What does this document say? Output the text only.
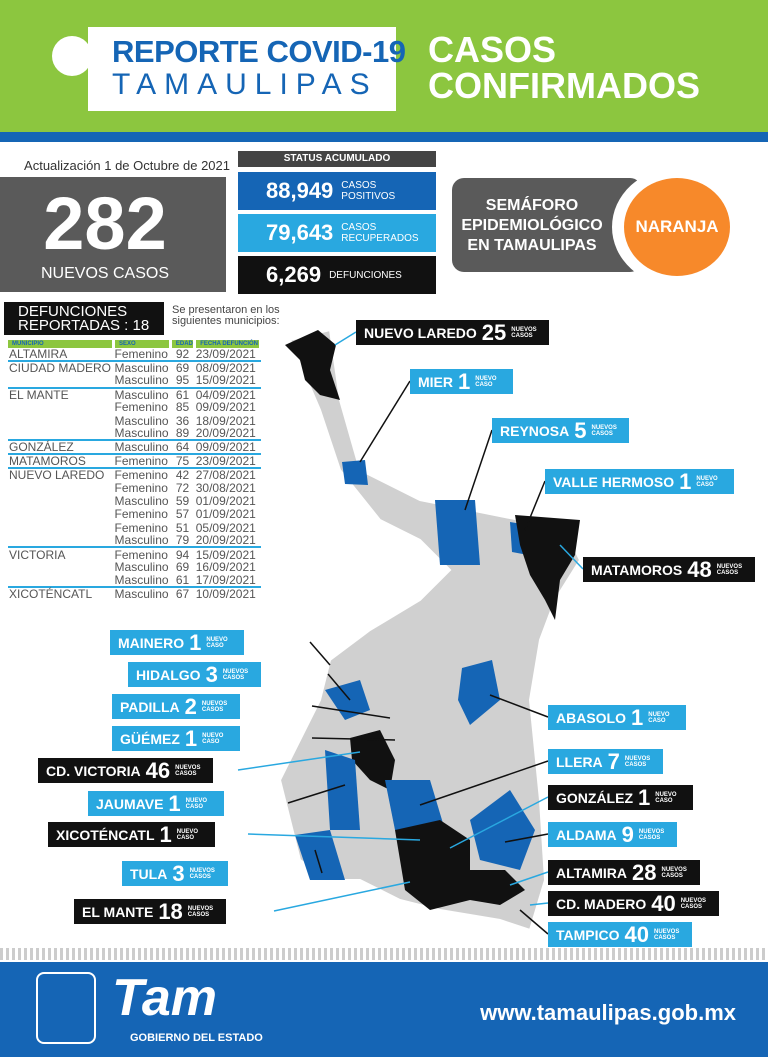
REPORTE COVID-19
TAMAULIPAS
CASOS
CONFIRMADOS
Actualización 1 de Octubre de 2021
282
NUEVOS CASOS
STATUS ACUMULADO
88,949 CASOS
POSITIVOS
79,643 CASOS
RECUPERADOS
6,269 DEFUNCIONES

SEMÁFORO
EPIDEMIOLÓGICO
EN TAMAULIPAS
NARANJA
DEFUNCIONES
REPORTADAS : 18
Se presentaron en los
siguientes municipios:
MUNICIPIO	SEXO	EDAD	FECHA DEFUNCIÓN
ALTAMIRA	Femenino	92	23/09/2021
CIUDAD MADERO	Masculino	69	08/09/2021
	Masculino	95	15/09/2021
EL MANTE	Masculino	61	04/09/2021
	Femenino	85	09/09/2021
	Masculino	36	18/09/2021
	Masculino	89	20/09/2021
GONZÁLEZ	Masculino	64	09/09/2021
MATAMOROS	Femenino	75	23/09/2021
NUEVO LAREDO	Femenino	42	27/08/2021
	Femenino	72	30/08/2021
	Masculino	59	01/09/2021
	Femenino	57	01/09/2021
	Femenino	51	05/09/2021
	Masculino	79	20/09/2021
VICTORIA	Femenino	94	15/09/2021
	Masculino	69	16/09/2021
	Masculino	61	17/09/2021
XICOTÉNCATL	Masculino	67	10/09/2021
NUEVO LAREDO 25 NUEVOS CASOS
MIER 1 NUEVO CASO
REYNOSA 5 NUEVOS CASOS
VALLE HERMOSO 1 NUEVO CASO
MATAMOROS 48 NUEVOS CASOS
ABASOLO 1 NUEVO CASO
LLERA 7 NUEVOS CASOS
GONZÁLEZ 1 NUEVO CASO
ALDAMA 9 NUEVOS CASOS
ALTAMIRA 28 NUEVOS CASOS
CD. MADERO 40 NUEVOS CASOS
TAMPICO 40 NUEVOS CASOS
MAINERO 1 NUEVO CASO
HIDALGO 3 NUEVOS CASOS
PADILLA 2 NUEVOS CASOS
GÜÉMEZ 1 NUEVO CASO
CD. VICTORIA 46 NUEVOS CASOS
JAUMAVE 1 NUEVO CASO
XICOTÉNCATL 1 NUEVO CASO
TULA 3 NUEVOS CASOS
EL MANTE 18 NUEVOS CASOS
Tam
GOBIERNO DEL ESTADO
www.tamaulipas.gob.mx
